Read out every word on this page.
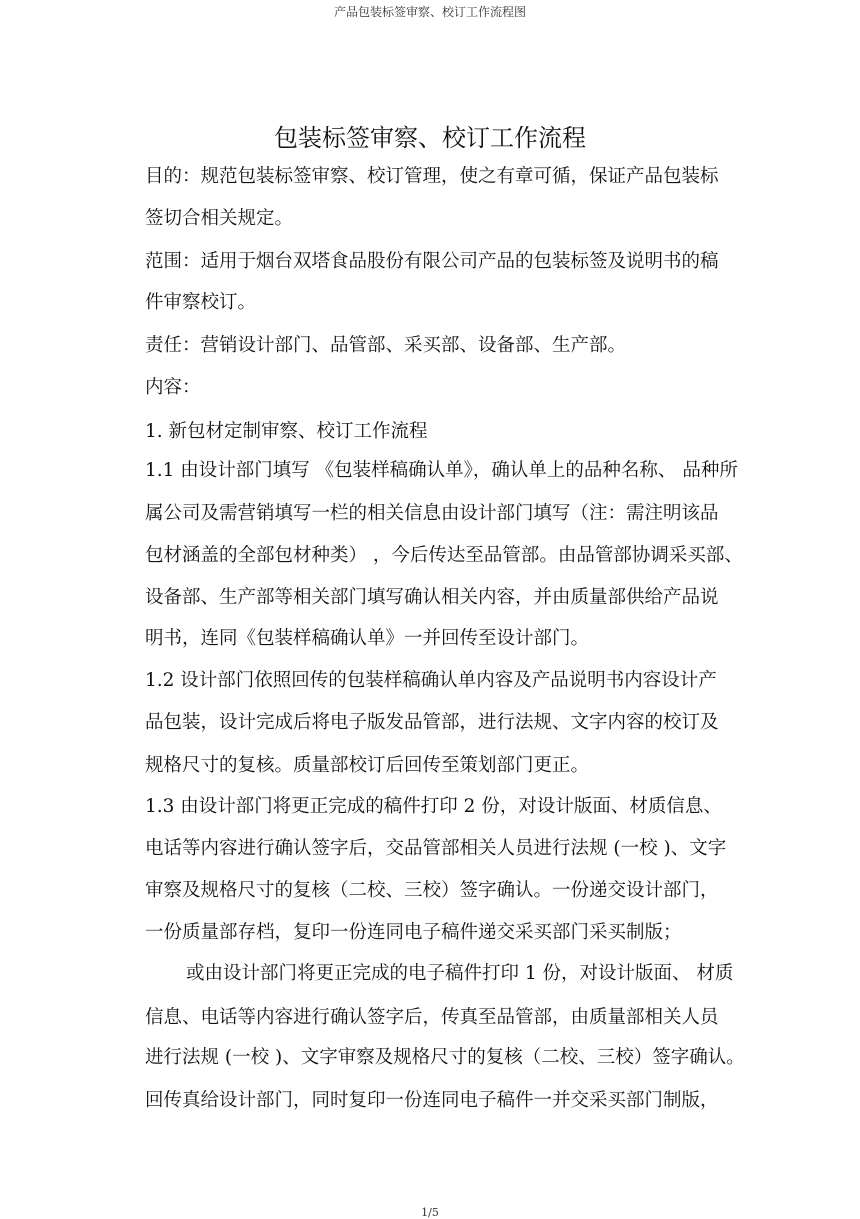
产品包装标签审察、校订工作流程图
包装标签审察、校订工作流程
目的：规范包装标签审察、校订管理，使之有章可循，保证产品包装标
签切合相关规定。
范围：适用于烟台双塔食品股份有限公司产品的包装标签及说明书的稿
件审察校订。
责任：营销设计部门、品管部、采买部、设备部、生产部。
内容：
1. 新包材定制审察、校订工作流程
1.1 由设计部门填写 《包装样稿确认单》，确认单上的品种名称、 品种所
属公司及需营销填写一栏的相关信息由设计部门填写（注：需注明该品
包材涵盖的全部包材种类） ，今后传达至品管部。由品管部协调采买部、
设备部、生产部等相关部门填写确认相关内容，并由质量部供给产品说
明书，连同《包装样稿确认单》一并回传至设计部门。
1.2 设计部门依照回传的包装样稿确认单内容及产品说明书内容设计产
品包装，设计完成后将电子版发品管部，进行法规、文字内容的校订及
规格尺寸的复核。质量部校订后回传至策划部门更正。
1.3 由设计部门将更正完成的稿件打印 2 份，对设计版面、材质信息、
电话等内容进行确认签字后，交品管部相关人员进行法规 (一校 )、文字
审察及规格尺寸的复核（二校、三校）签字确认。一份递交设计部门，
一份质量部存档，复印一份连同电子稿件递交采买部门采买制版；
或由设计部门将更正完成的电子稿件打印 1 份，对设计版面、 材质
信息、电话等内容进行确认签字后，传真至品管部，由质量部相关人员
进行法规 (一校 )、文字审察及规格尺寸的复核（二校、三校）签字确认。
回传真给设计部门，同时复印一份连同电子稿件一并交采买部门制版，
1/5
